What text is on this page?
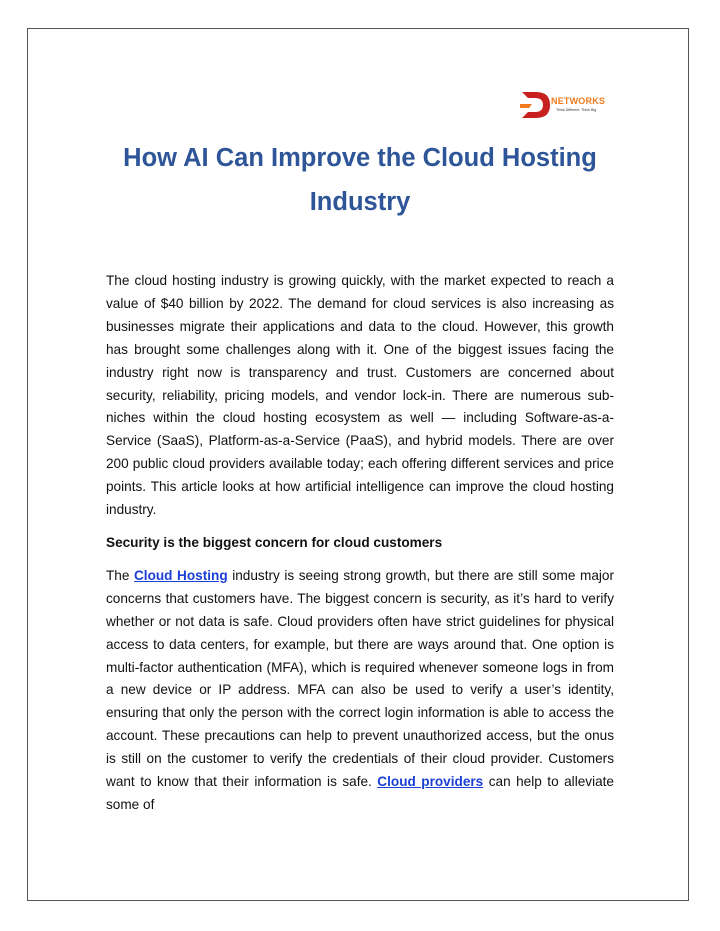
NETWORKS
Think Different. Think Big
How AI Can Improve the Cloud Hosting Industry

The cloud hosting industry is growing quickly, with the market expected to reach a value of $40 billion by 2022. The demand for cloud services is also increasing as businesses migrate their applications and data to the cloud. However, this growth has brought some challenges along with it. One of the biggest issues facing the industry right now is transparency and trust. Customers are concerned about security, reliability, pricing models, and vendor lock-in. There are numerous sub-niches within the cloud hosting ecosystem as well — including Software-as-a-Service (SaaS), Platform-as-a-Service (PaaS), and hybrid models. There are over 200 public cloud providers available today; each offering different services and price points. This article looks at how artificial intelligence can improve the cloud hosting industry.

Security is the biggest concern for cloud customers

The Cloud Hosting industry is seeing strong growth, but there are still some major concerns that customers have. The biggest concern is security, as it’s hard to verify whether or not data is safe. Cloud providers often have strict guidelines for physical access to data centers, for example, but there are ways around that. One option is multi-factor authentication (MFA), which is required whenever someone logs in from a new device or IP address. MFA can also be used to verify a user’s identity, ensuring that only the person with the correct login information is able to access the account. These precautions can help to prevent unauthorized access, but the onus is still on the customer to verify the credentials of their cloud provider. Customers want to know that their information is safe. Cloud providers can help to alleviate some of
